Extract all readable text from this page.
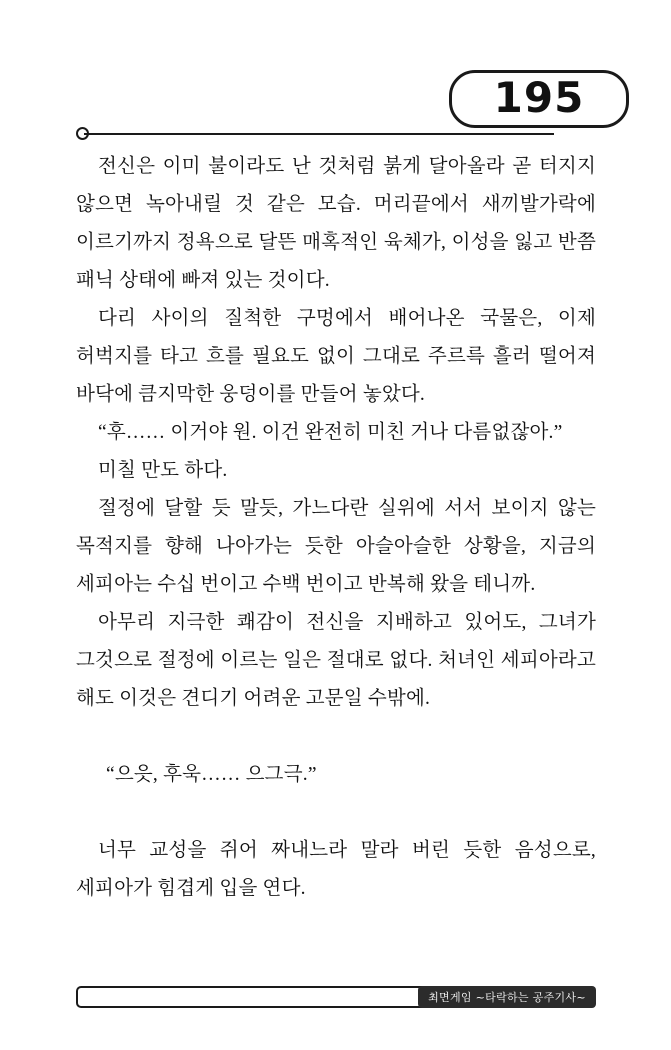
195

전신은 이미 불이라도 난 것처럼 붉게 달아올라 곧 터지지 않으면 녹아내릴 것 같은 모습. 머리끝에서 새끼발가락에 이르기까지 정욕으로 달뜬 매혹적인 육체가, 이성을 잃고 반쯤 패닉 상태에 빠져 있는 것이다.

다리 사이의 질척한 구멍에서 배어나온 국물은, 이제 허벅지를 타고 흐를 필요도 없이 그대로 주르륵 흘러 떨어져 바닥에 큼지막한 웅덩이를 만들어 놓았다.

“후…… 이거야 원. 이건 완전히 미친 거나 다름없잖아.”

미칠 만도 하다.

절정에 달할 듯 말듯, 가느다란 실위에 서서 보이지 않는 목적지를 향해 나아가는 듯한 아슬아슬한 상황을, 지금의 세피아는 수십 번이고 수백 번이고 반복해 왔을 테니까.

아무리 지극한 쾌감이 전신을 지배하고 있어도, 그녀가 그것으로 절정에 이르는 일은 절대로 없다. 처녀인 세피아라고 해도 이것은 견디기 어려운 고문일 수밖에.

“으읏, 후욱…… 으그극.”

너무 교성을 쥐어 짜내느라 말라 버린 듯한 음성으로, 세피아가 힘겹게 입을 연다.

최면게임 ~타락하는 공주기사~
